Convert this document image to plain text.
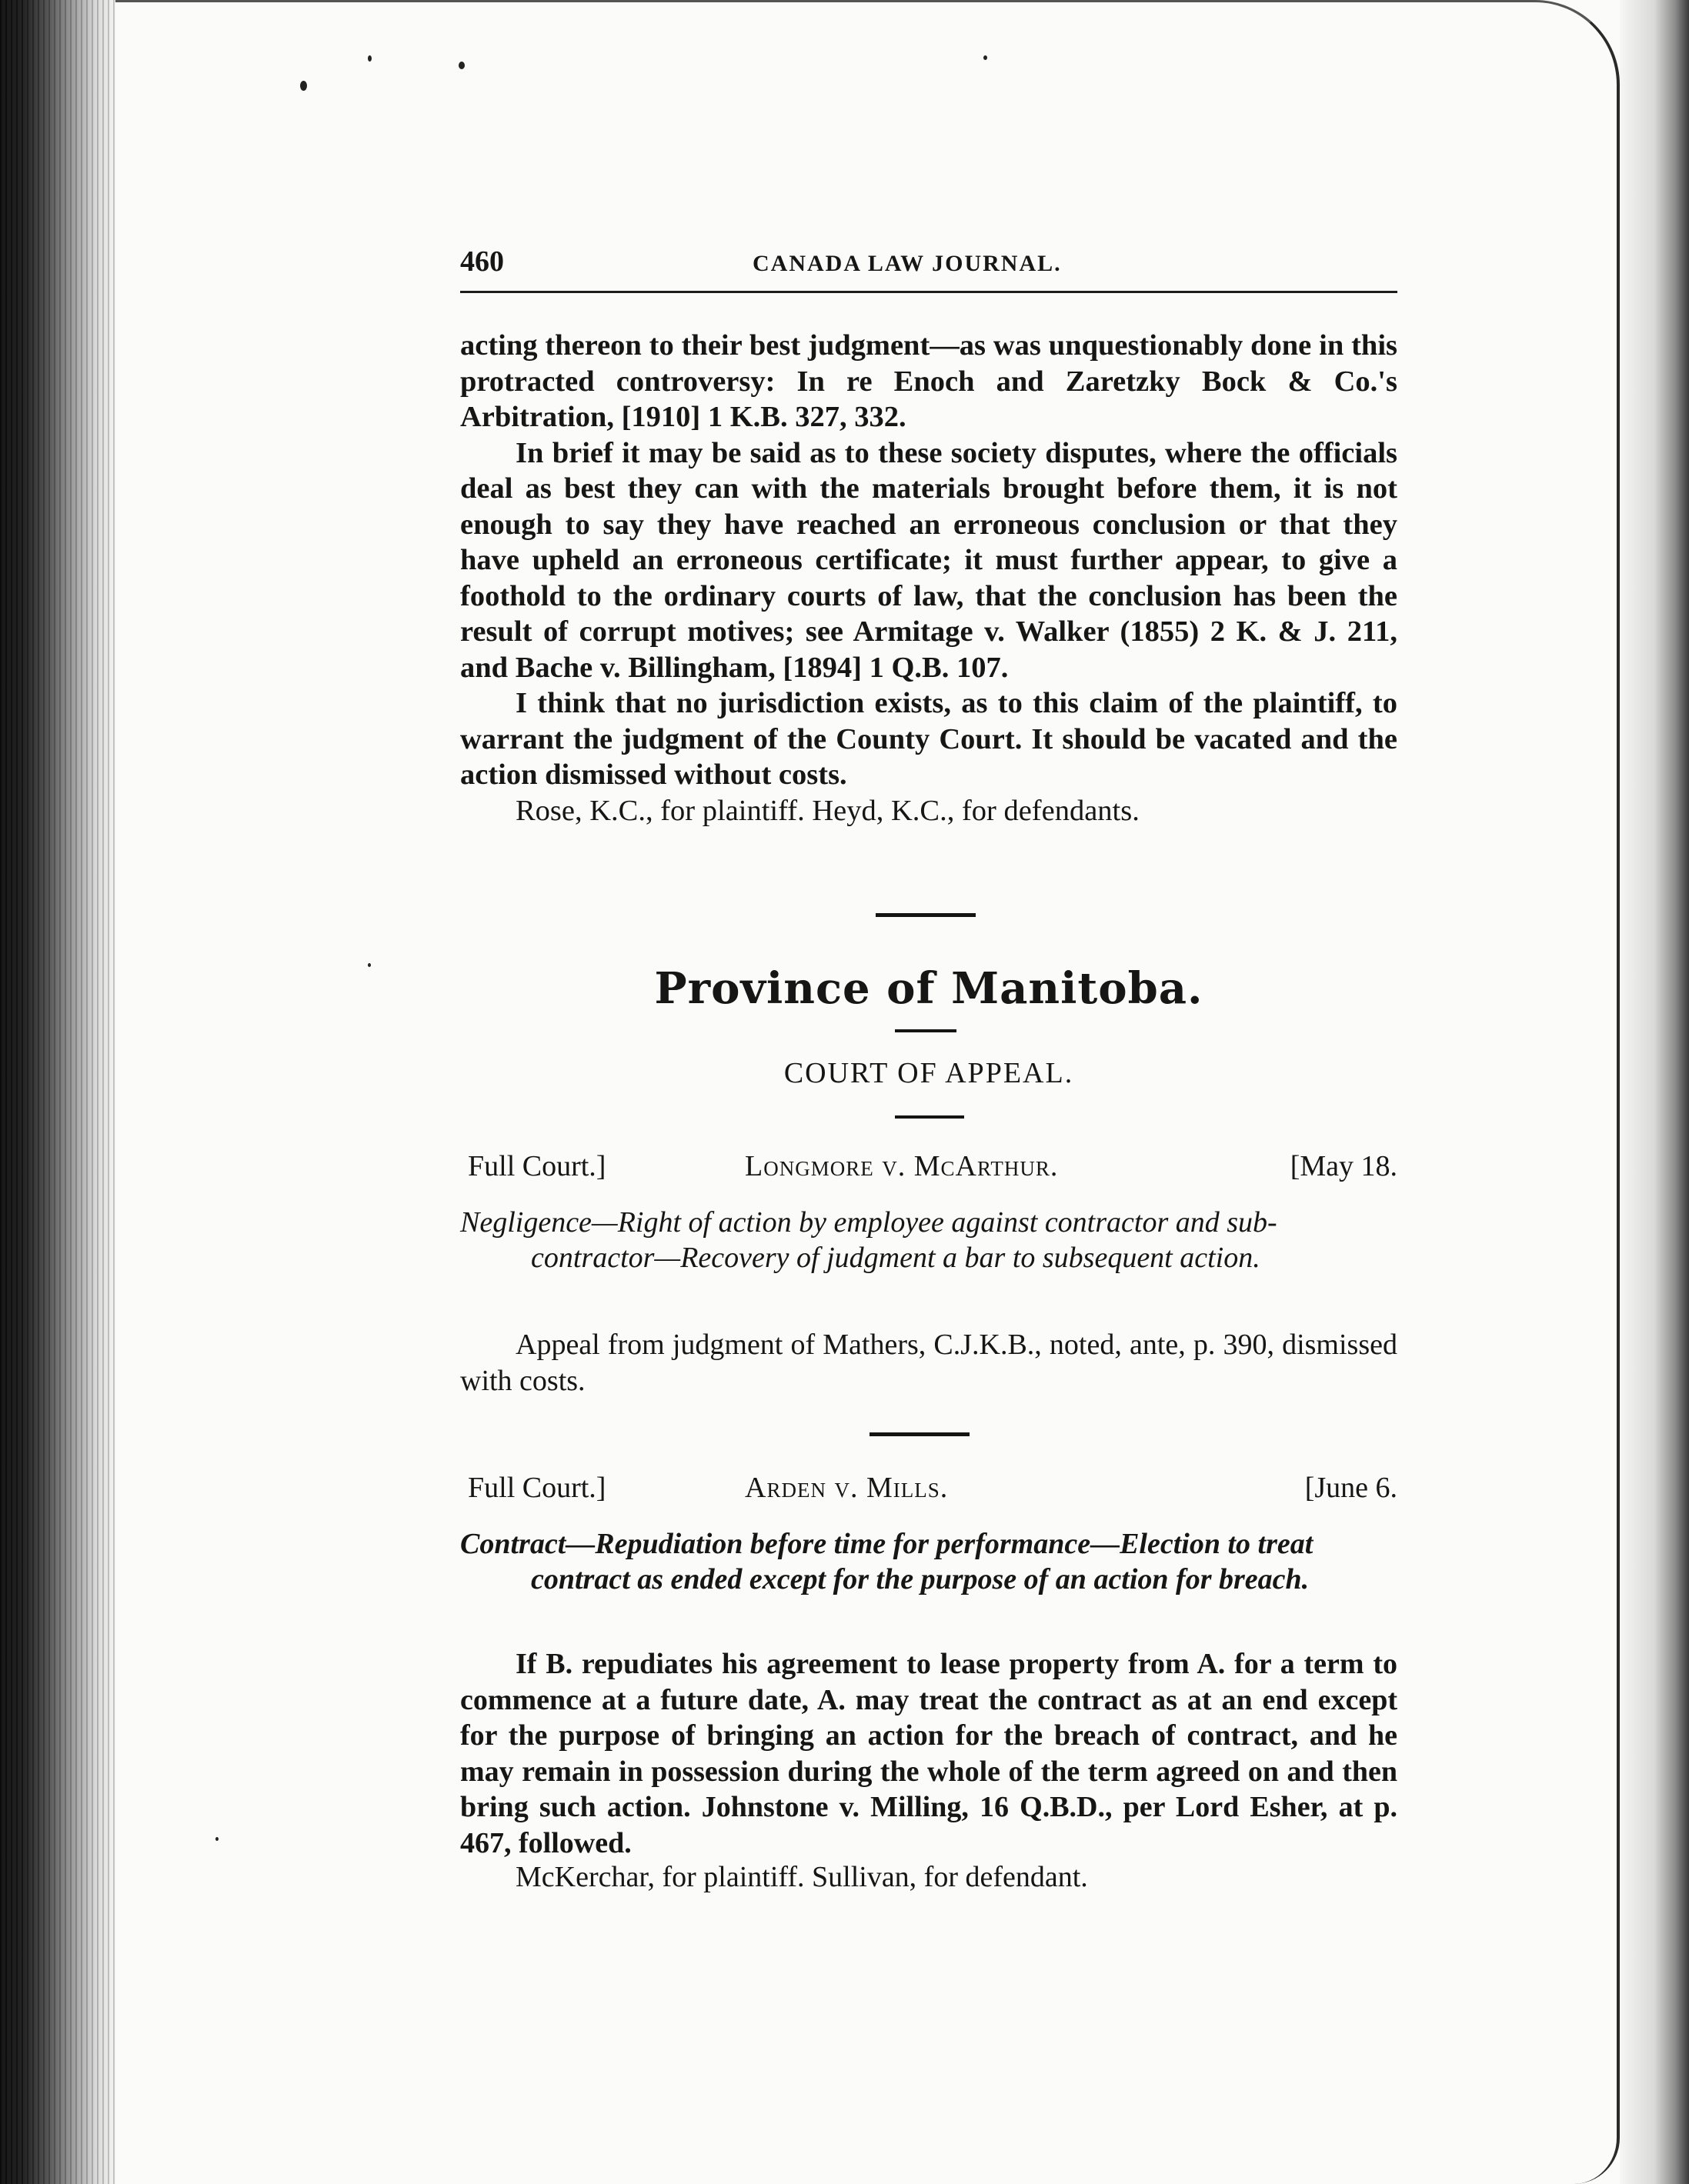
460	CANADA LAW JOURNAL.

acting thereon to their best judgment—as was unquestionably done in this protracted controversy: In re Enoch and Zaretzky Bock & Co.'s Arbitration, [1910] 1 K.B. 327, 332.

In brief it may be said as to these society disputes, where the officials deal as best they can with the materials brought before them, it is not enough to say they have reached an erroneous conclusion or that they have upheld an erroneous certificate; it must further appear, to give a foothold to the ordinary courts of law, that the conclusion has been the result of corrupt motives; see Armitage v. Walker (1855) 2 K. & J. 211, and Bache v. Billingham, [1894] 1 Q.B. 107.

I think that no jurisdiction exists, as to this claim of the plaintiff, to warrant the judgment of the County Court. It should be vacated and the action dismissed without costs.

Rose, K.C., for plaintiff. Heyd, K.C., for defendants.

Province of Manitoba.
COURT OF APPEAL.
Full Court.]	Longmore v. McArthur.	[May 18.
Negligence—Right of action by employee against contractor and sub-contractor—Recovery of judgment a bar to subsequent action.
Appeal from judgment of Mathers, C.J.K.B., noted, ante, p. 390, dismissed with costs.
Full Court.]	Arden v. Mills.	[June 6.
Contract—Repudiation before time for performance—Election to treat contract as ended except for the purpose of an action for breach.
If B. repudiates his agreement to lease property from A. for a term to commence at a future date, A. may treat the contract as at an end except for the purpose of bringing an action for the breach of contract, and he may remain in possession during the whole of the term agreed on and then bring such action. Johnstone v. Milling, 16 Q.B.D., per Lord Esher, at p. 467, followed.
McKerchar, for plaintiff. Sullivan, for defendant.
